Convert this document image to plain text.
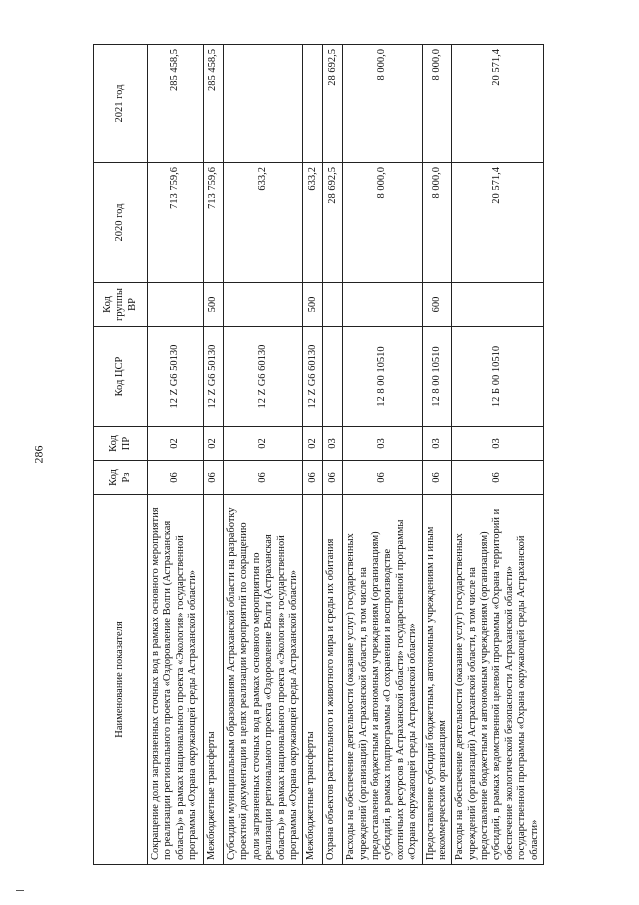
286
Наименование показателя	Код Рз	Код ПР	Код ЦСР	Код группы ВР	2020 год	2021 год
Сокращение доли загрязненных сточных вод в рамках основного мероприятия по реализации регионального проекта «Оздоровление Волги (Астраханская область)» в рамках национального проекта «Экология» государственной программы «Охрана окружающей среды Астраханской области»	06	02	12 Z G6 50130		713 759,6	285 458,5
Межбюджетные трансферты	06	02	12 Z G6 50130	500	713 759,6	285 458,5
Субсидии муниципальным образованиям Астраханской области на разработку проектной документации в целях реализации мероприятий по сокращению доли загрязненных сточных вод в рамках основного мероприятия по реализации регионального проекта «Оздоровление Волги (Астраханская область)» в рамках национального проекта «Экология» государственной программы «Охрана окружающей среды Астраханской области»	06	02	12 Z G6 60130		633,2	
Межбюджетные трансферты	06	02	12 Z G6 60130	500	633,2	
Охрана объектов растительного и животного мира и среды их обитания	06	03			28 692,5	28 692,5
Расходы на обеспечение деятельности (оказание услуг) государственных учреждений (организаций) Астраханской области, в том числе на предоставление бюджетным и автономным учреждениям (организациям) субсидий, в рамках подпрограммы «О сохранении и воспроизводстве охотничьих ресурсов в Астраханской области» государственной программы «Охрана окружающей среды Астраханской области»	06	03	12 8 00 10510		8 000,0	8 000,0
Предоставление субсидий бюджетным, автономным учреждениям и иным некоммерческим организациям	06	03	12 8 00 10510	600	8 000,0	8 000,0
Расходы на обеспечение деятельности (оказание услуг) государственных учреждений (организаций) Астраханской области, в том числе на предоставление бюджетным и автономным учреждениям (организациям) субсидий, в рамках ведомственной целевой программы «Охрана территорий и обеспечение экологической безопасности Астраханской области» государственной программы «Охрана окружающей среды Астраханской области»	06	03	12 Б 00 10510		20 571,4	20 571,4
